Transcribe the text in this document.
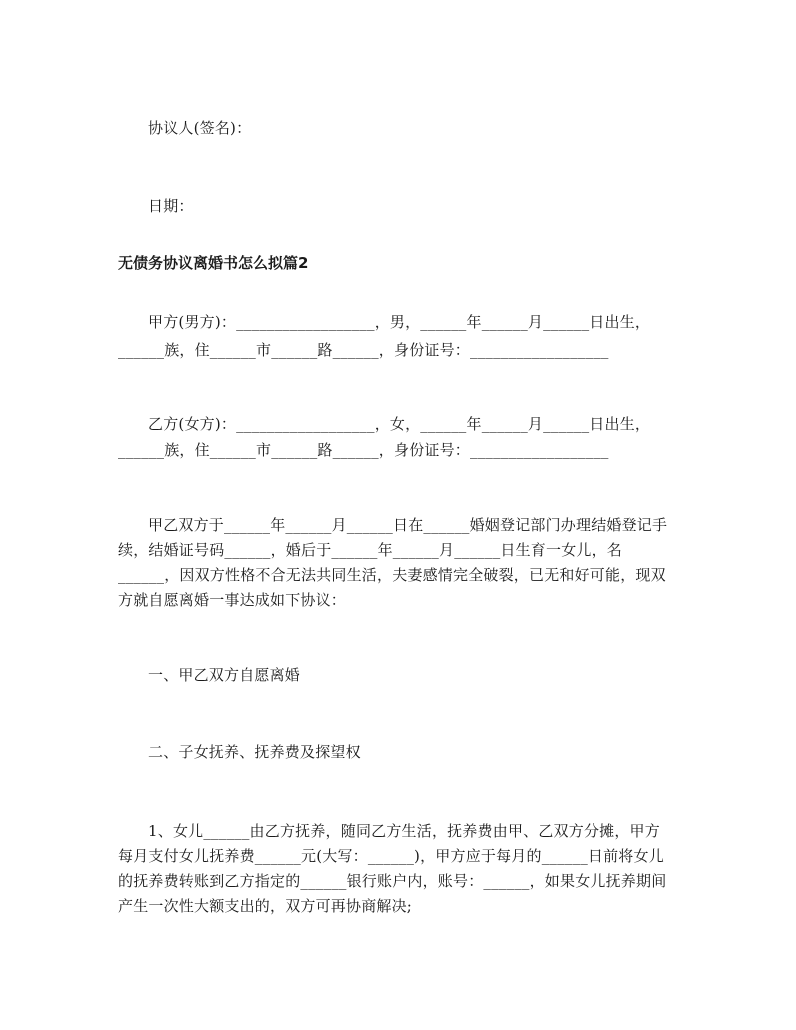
协议人(签名)：
日期：
无债务协议离婚书怎么拟篇2
甲方(男方)：__________________，男，______年______月______日出生，
______族，住______市______路______，身份证号：__________________
乙方(女方)：__________________，女，______年______月______日出生，
______族，住______市______路______，身份证号：__________________
甲乙双方于______年______月______日在______婚姻登记部门办理结婚登记手
续，结婚证号码______，婚后于______年______月______日生育一女儿，名
______，因双方性格不合无法共同生活，夫妻感情完全破裂，已无和好可能，现双
方就自愿离婚一事达成如下协议：
一、甲乙双方自愿离婚
二、子女抚养、抚养费及探望权
1、女儿______由乙方抚养，随同乙方生活，抚养费由甲、乙双方分摊，甲方
每月支付女儿抚养费______元(大写：______)，甲方应于每月的______日前将女儿
的抚养费转账到乙方指定的______银行账户内，账号：______，如果女儿抚养期间
产生一次性大额支出的，双方可再协商解决;
